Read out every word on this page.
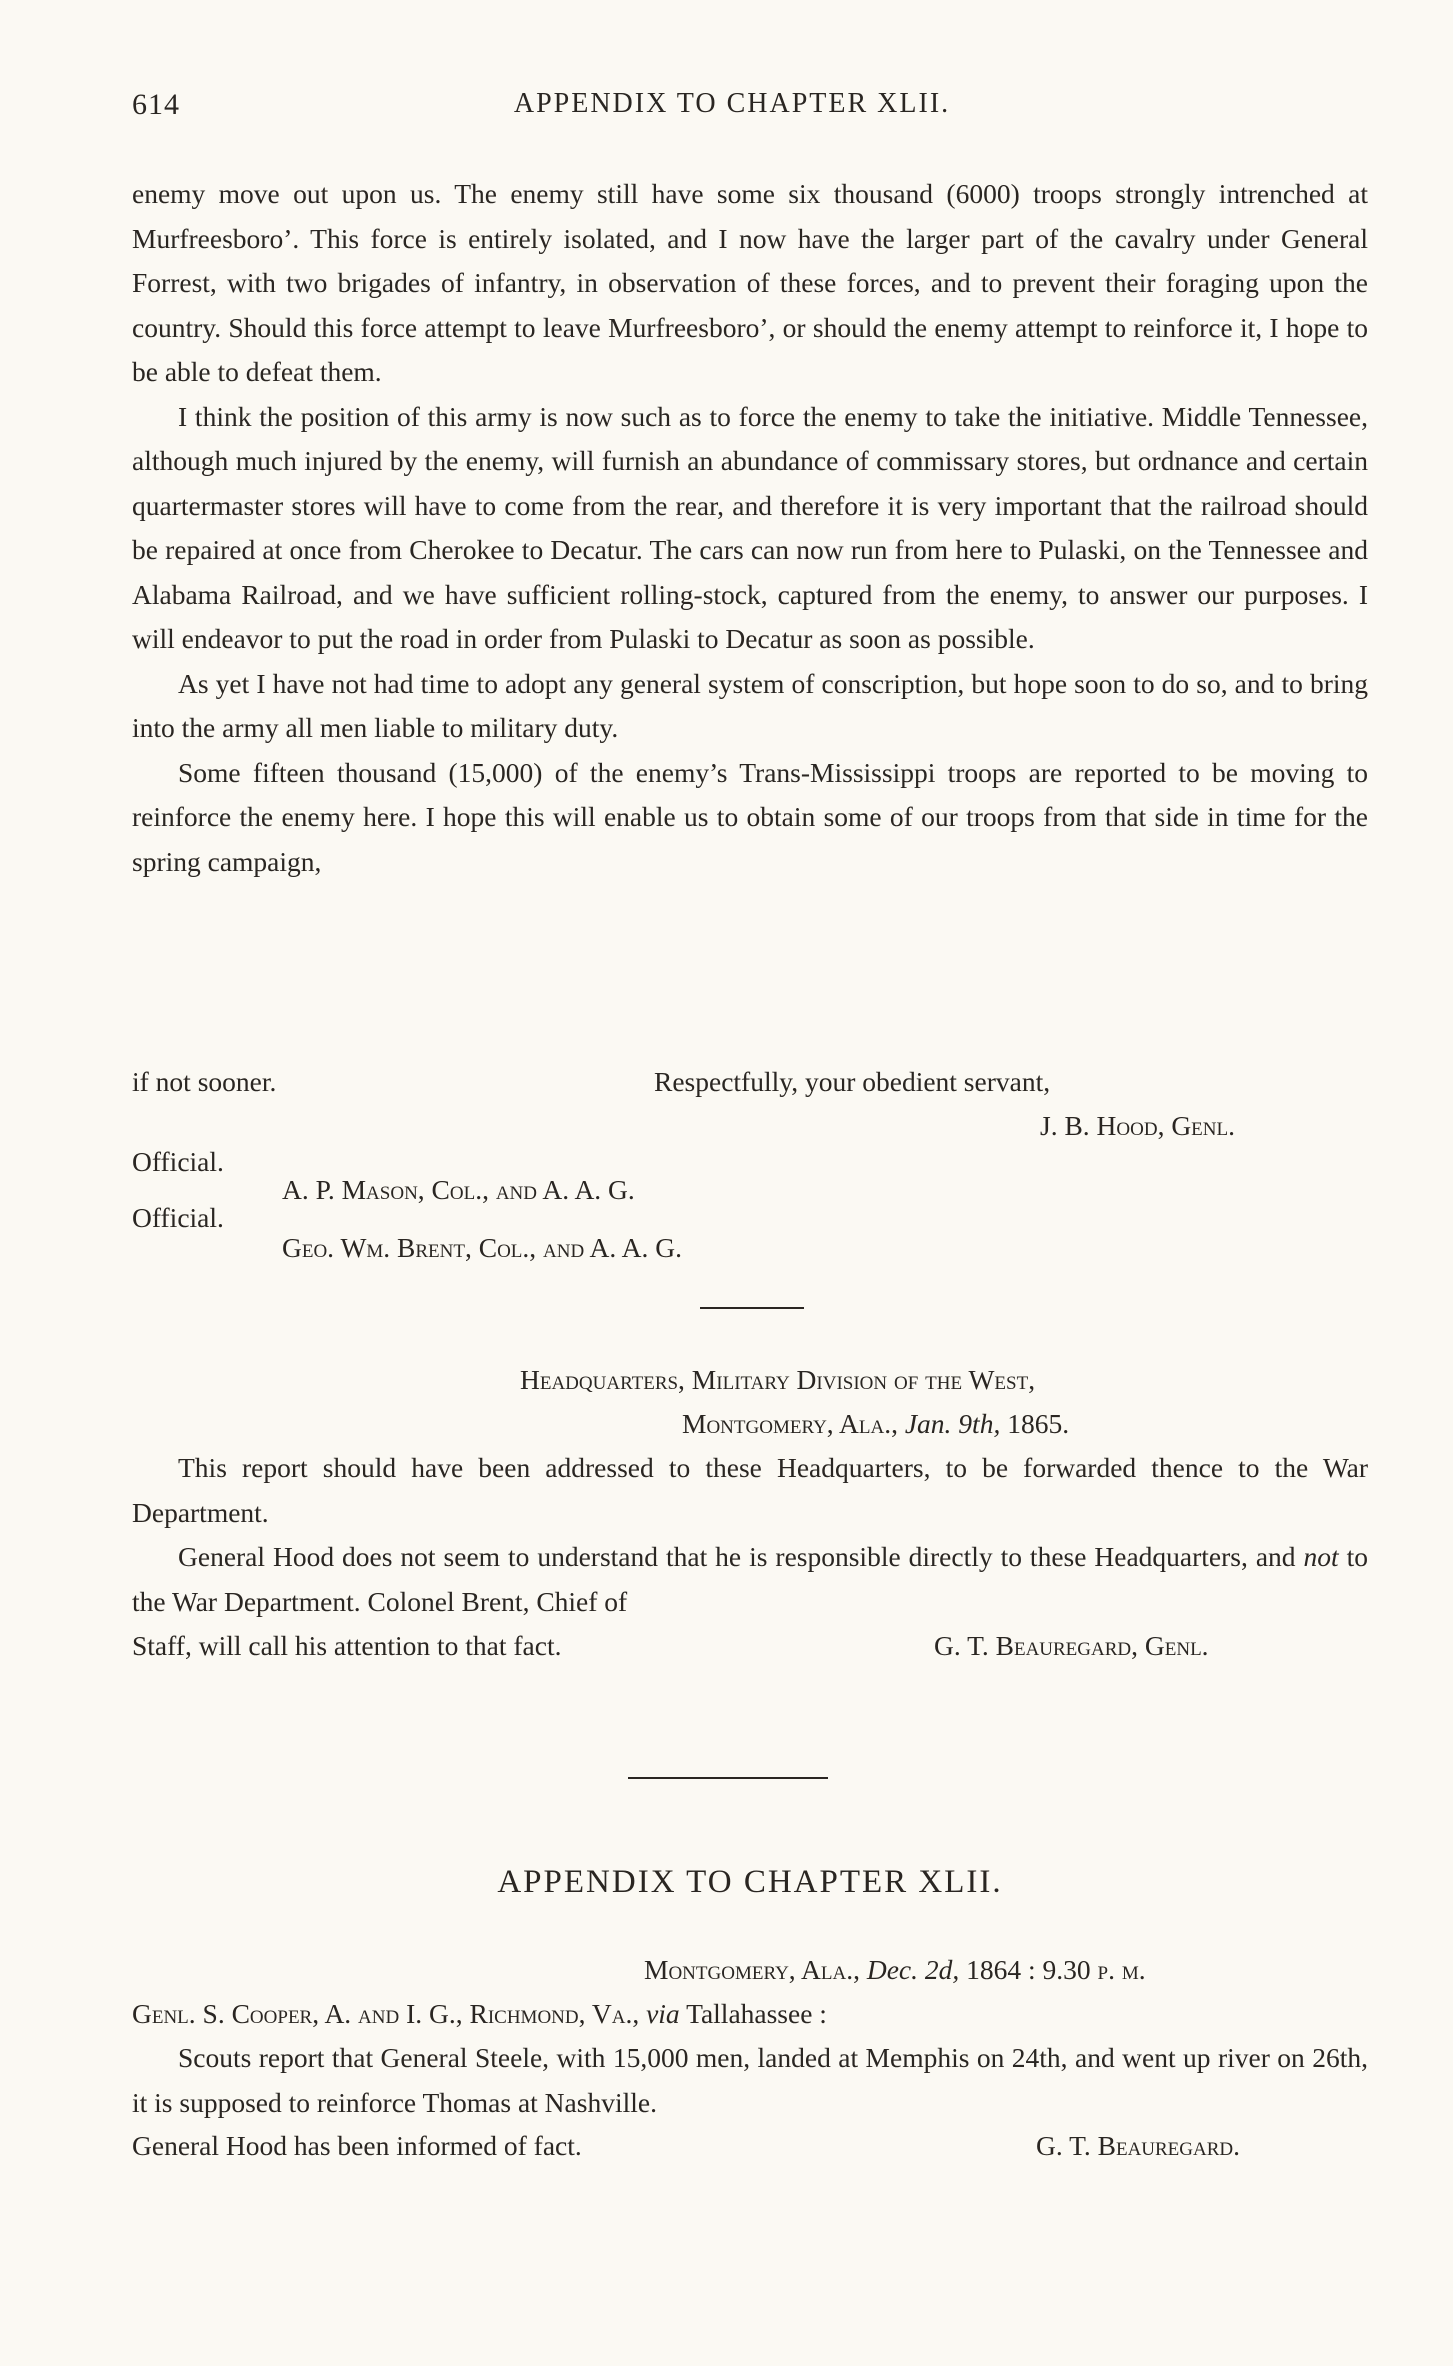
614	APPENDIX TO CHAPTER XLII.

enemy move out upon us. The enemy still have some six thousand (6000) troops strongly intrenched at Murfreesboro’. This force is entirely isolated, and I now have the larger part of the cavalry under General Forrest, with two brigades of infantry, in observation of these forces, and to prevent their foraging upon the country. Should this force attempt to leave Murfreesboro’, or should the enemy attempt to reinforce it, I hope to be able to defeat them.

I think the position of this army is now such as to force the enemy to take the initiative. Middle Tennessee, although much injured by the enemy, will furnish an abundance of commissary stores, but ordnance and certain quartermaster stores will have to come from the rear, and therefore it is very important that the railroad should be repaired at once from Cherokee to Decatur. The cars can now run from here to Pulaski, on the Tennessee and Alabama Railroad, and we have sufficient rolling-stock, captured from the enemy, to answer our purposes. I will endeavor to put the road in order from Pulaski to Decatur as soon as possible.

As yet I have not had time to adopt any general system of conscription, but hope soon to do so, and to bring into the army all men liable to military duty.

Some fifteen thousand (15,000) of the enemy’s Trans-Mississippi troops are reported to be moving to reinforce the enemy here. I hope this will enable us to obtain some of our troops from that side in time for the spring campaign,

if not sooner.	Respectfully, your obedient servant,
J. B. Hood, Genl.
Official.
A. P. Mason, Col., and A. A. G.
Official.
Geo. Wm. Brent, Col., and A. A. G.
Headquarters, Military Division of the West,
Montgomery, Ala., Jan. 9th, 1865.

This report should have been addressed to these Headquarters, to be forwarded thence to the War Department.

General Hood does not seem to understand that he is responsible directly to these Headquarters, and not to the War Department. Colonel Brent, Chief of

Staff, will call his attention to that fact.	G. T. Beauregard, Genl.
APPENDIX TO CHAPTER XLII.
Montgomery, Ala., Dec. 2d, 1864 : 9.30 p. m.
Genl. S. Cooper, A. and I. G., Richmond, Va., via Tallahassee :

Scouts report that General Steele, with 15,000 men, landed at Memphis on 24th, and went up river on 26th, it is supposed to reinforce Thomas at Nashville.

General Hood has been informed of fact.	G. T. Beauregard.
